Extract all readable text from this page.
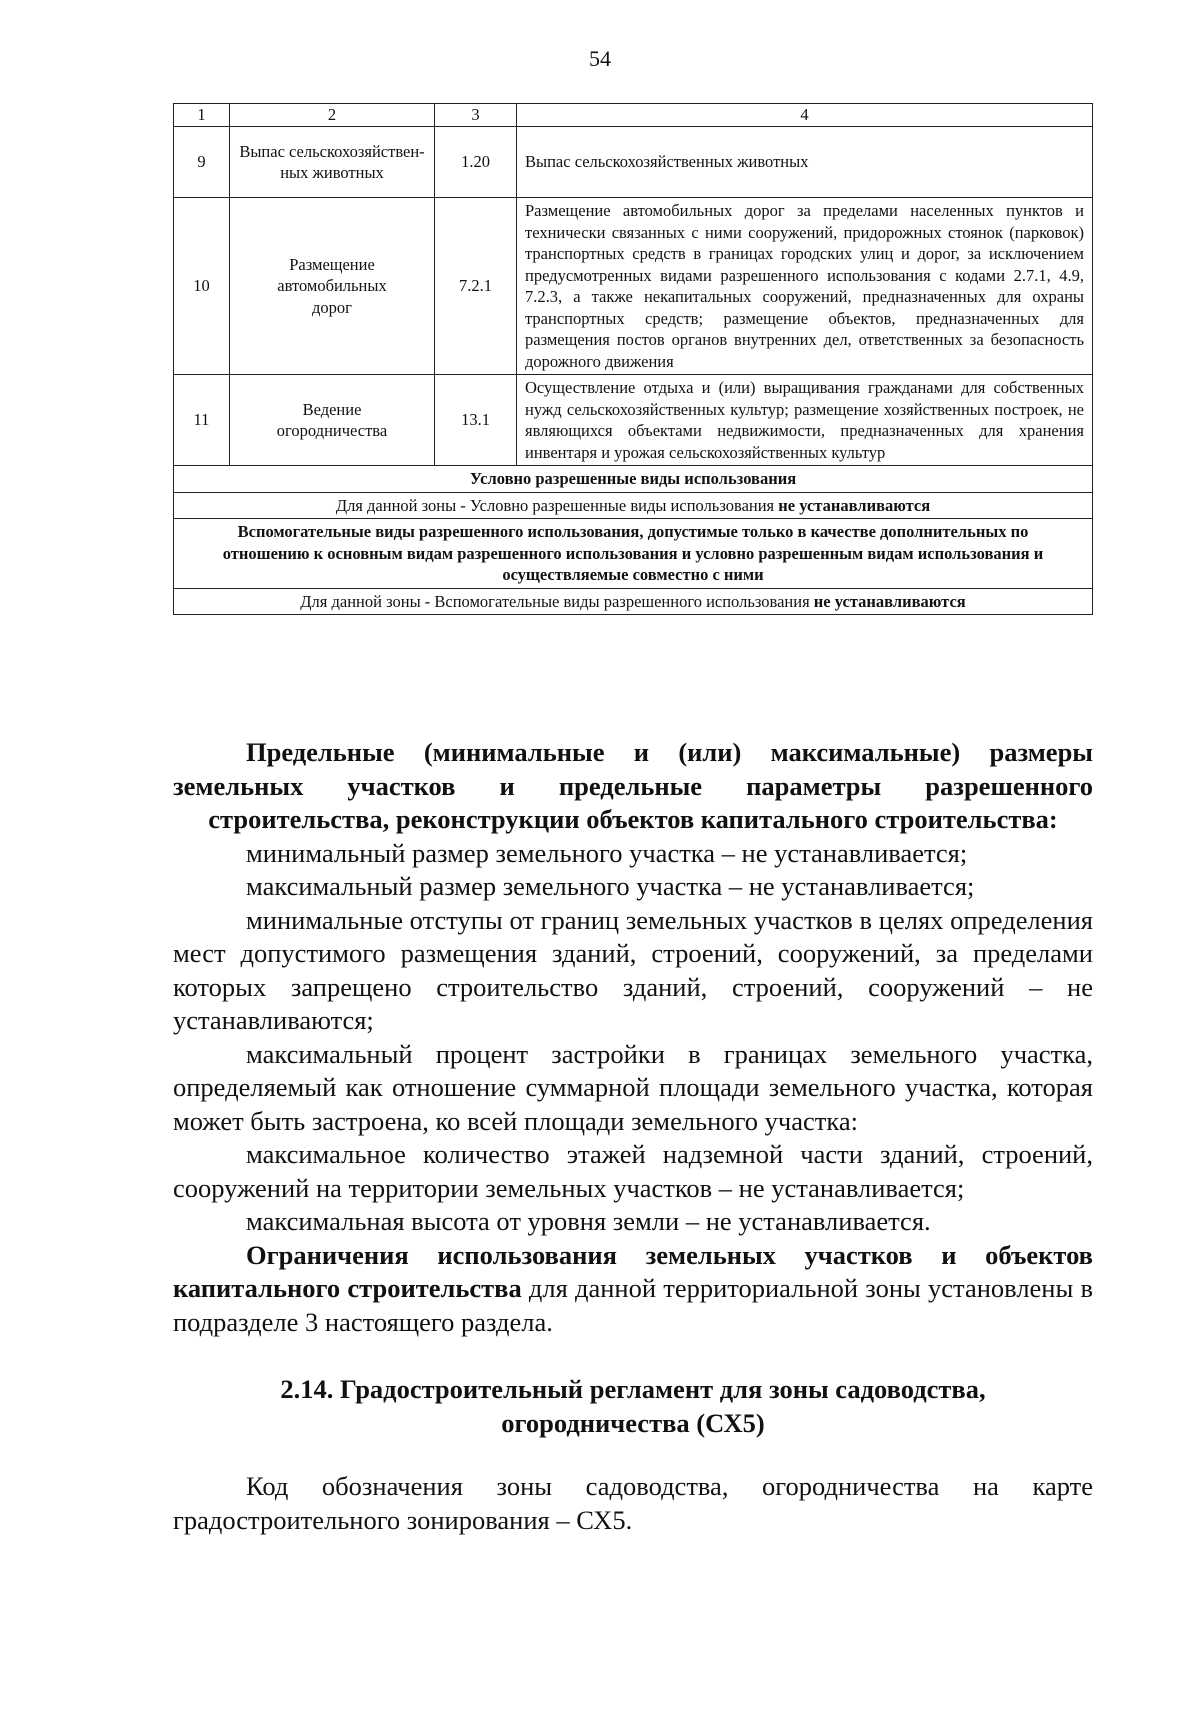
54
1	2	3	4
9	Выпас сельскохозяйствен-ных животных	1.20	Выпас сельскохозяйственных животных
10	Размещение автомобильных дорог	7.2.1	Размещение автомобильных дорог за пределами населенных пунктов и технически связанных с ними сооружений, придорожных стоянок (парковок) транспортных средств в границах городских улиц и дорог, за исключением предусмотренных видами разрешенного использования с кодами 2.7.1, 4.9, 7.2.3, а также некапитальных сооружений, предназначенных для охраны транспортных средств; размещение объектов, предназначенных для размещения постов органов внутренних дел, ответственных за безопасность дорожного движения
11	Ведение огородничества	13.1	Осуществление отдыха и (или) выращивания гражданами для собственных нужд сельскохозяйственных культур; размещение хозяйственных построек, не являющихся объектами недвижимости, предназначенных для хранения инвентаря и урожая сельскохозяйственных культур
Условно разрешенные виды использования			
Для данной зоны - Условно разрешенные виды использования не устанавливаются			
Вспомогательные виды разрешенного использования, допустимые только в качестве дополнительных по отношению к основным видам разрешенного использования и условно разрешенным видам использования и осуществляемые совместно с ними			
Для данной зоны - Вспомогательные виды разрешенного использования не устанавливаются			

Предельные (минимальные и (или) максимальные) размеры земельных участков и предельные параметры разрешенного строительства, реконструкции объектов капитального строительства:

минимальный размер земельного участка – не устанавливается;

максимальный размер земельного участка – не устанавливается;

минимальные отступы от границ земельных участков в целях определения мест допустимого размещения зданий, строений, сооружений, за пределами которых запрещено строительство зданий, строений, сооружений – не устанавливаются;

максимальный процент застройки в границах земельного участка, определяемый как отношение суммарной площади земельного участка, которая может быть застроена, ко всей площади земельного участка:

максимальное количество этажей надземной части зданий, строений, сооружений на территории земельных участков – не устанавливается;

максимальная высота от уровня земли – не устанавливается.

Ограничения использования земельных участков и объектов капитального строительства для данной территориальной зоны установлены в подразделе 3 настоящего раздела.

2.14. Градостроительный регламент для зоны садоводства, огородничества (СХ5)

Код обозначения зоны садоводства, огородничества на карте градостроительного зонирования – СХ5.
